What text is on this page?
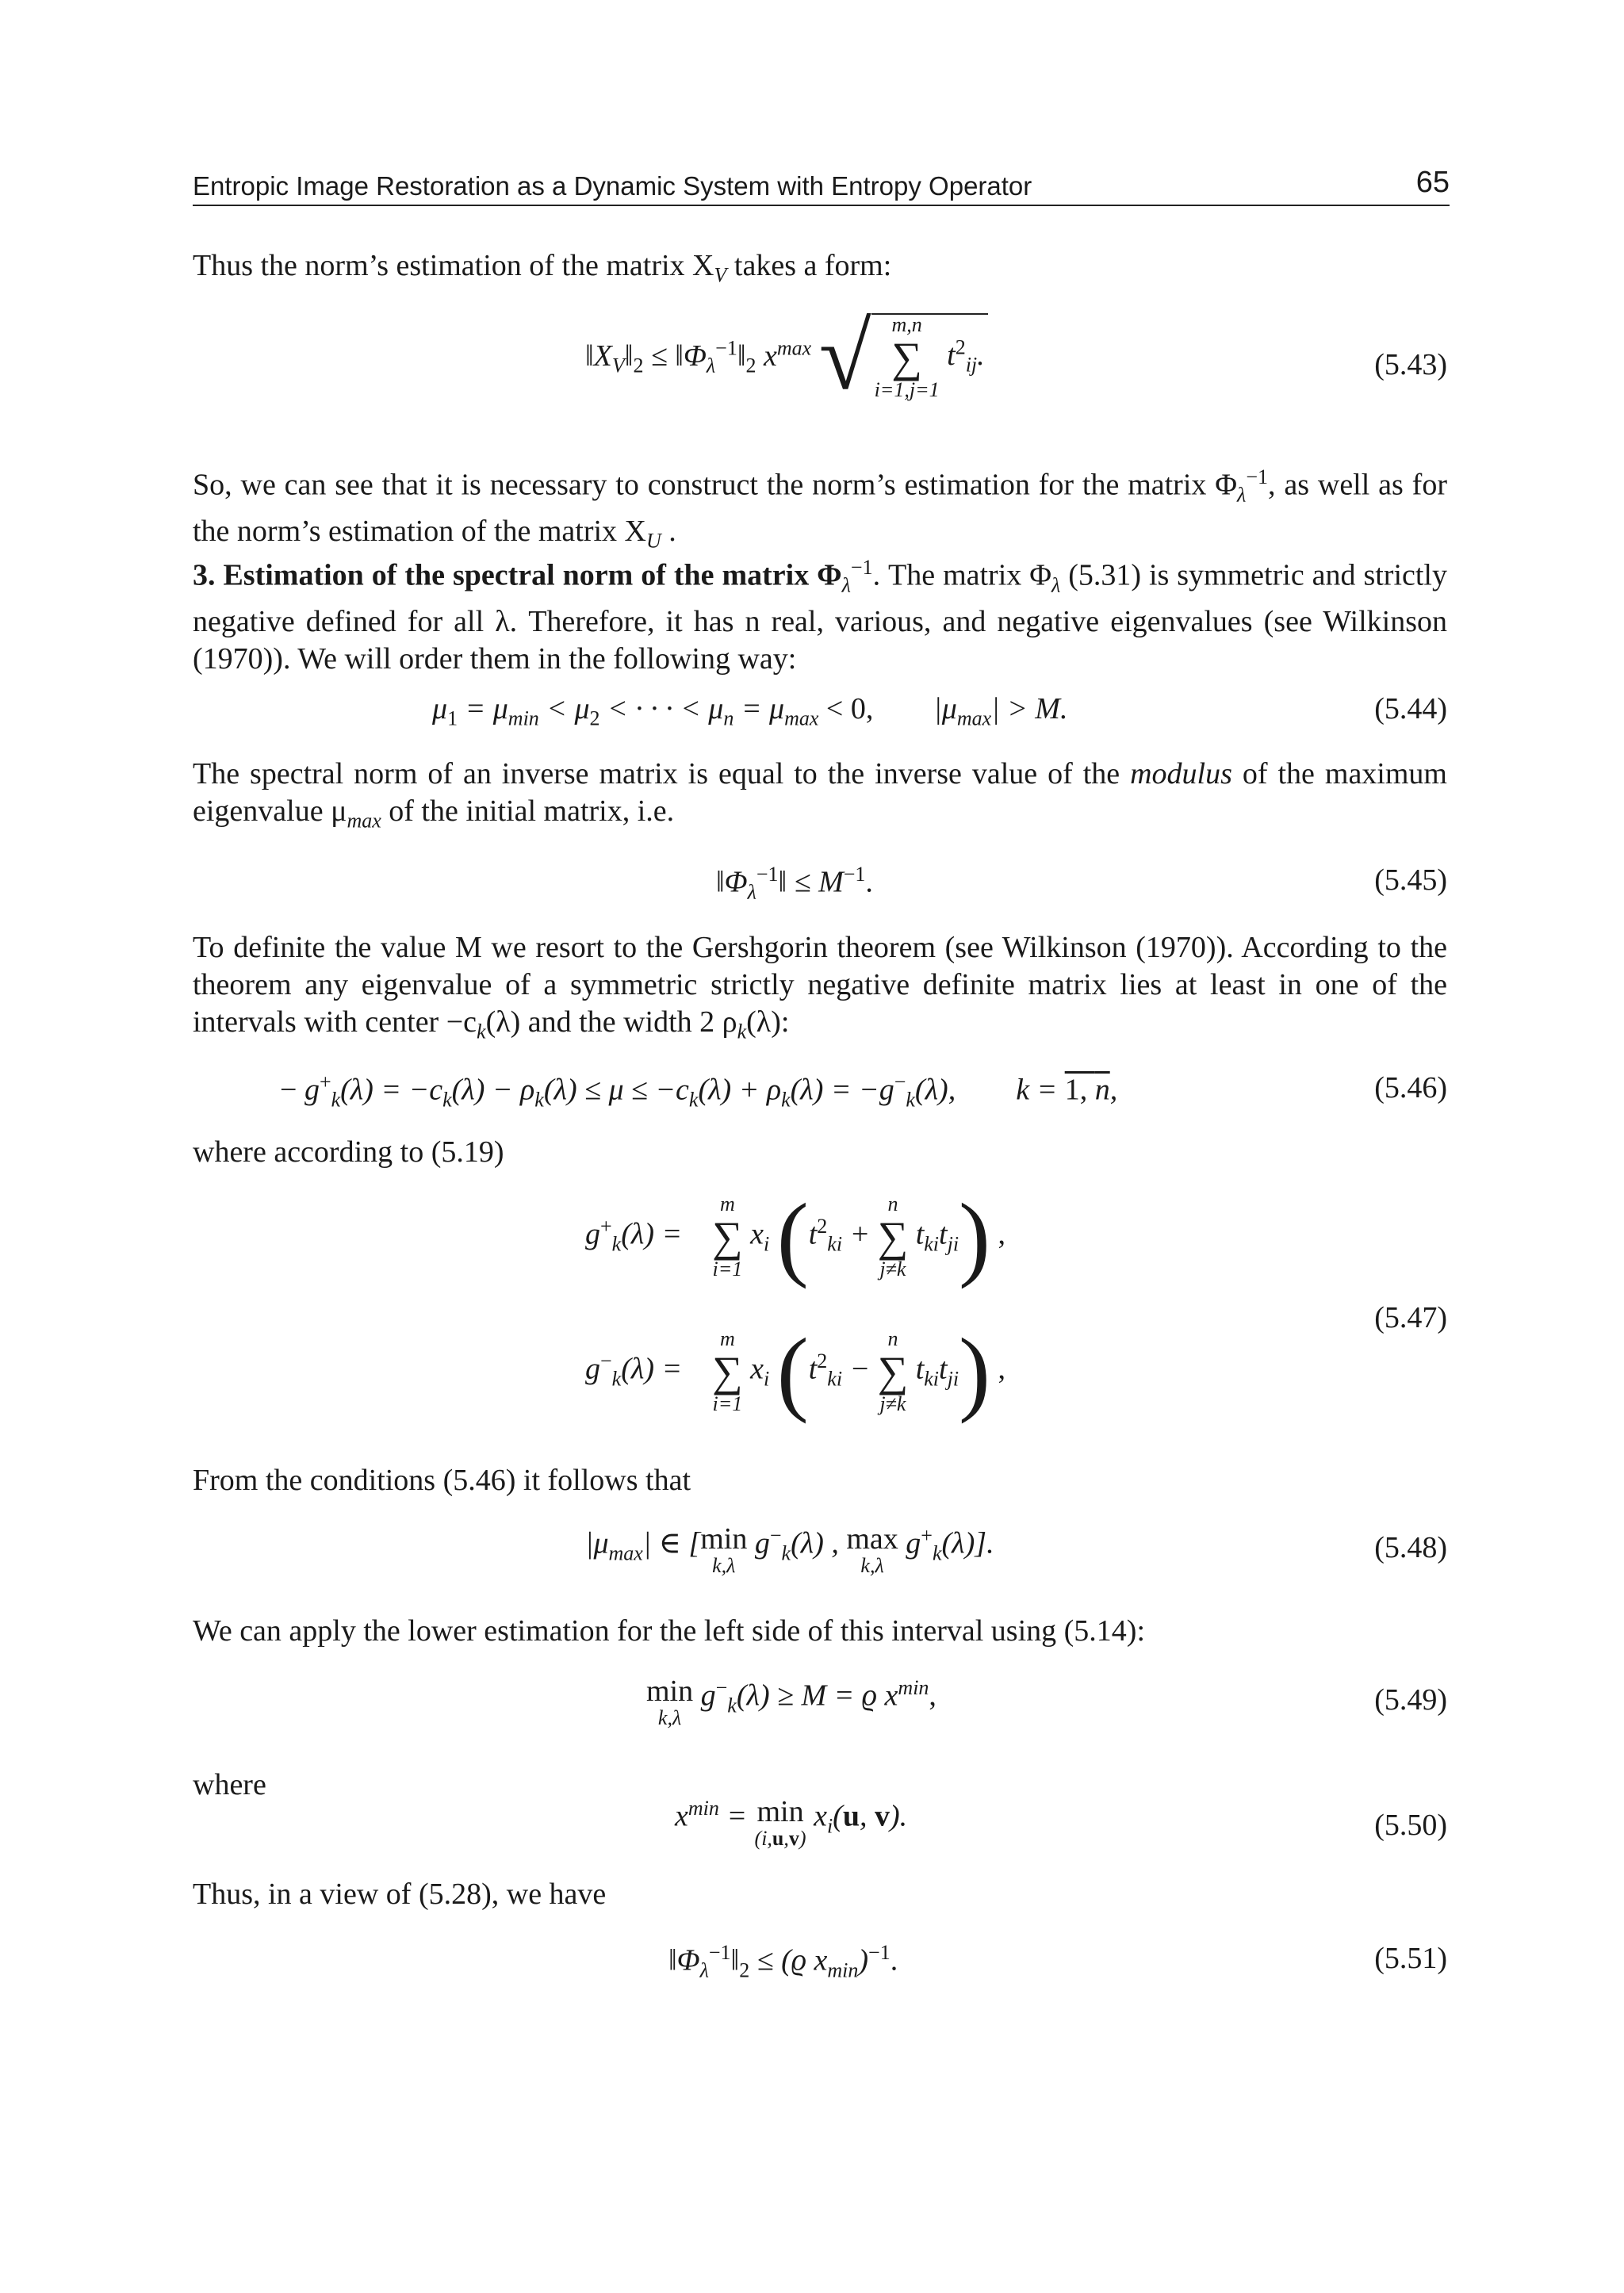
Entropic Image Restoration as a Dynamic System with Entropy Operator	65
Thus the norm’s estimation of the matrix $X_V$ takes a form:
$‖X_V‖_2$ ≤ $‖\Phi_\lambda^{-1}‖_2$ $x^{max}$ √ m,n
∑
i=1,j=1
$t^2_{ij}$.	(5.43)
So, we can see that it is necessary to construct the norm’s estimation for the matrix $\Phi_\lambda^{-1}$, as well as for the norm’s estimation of the matrix $X_U$ .
3. Estimation of the spectral norm of the matrix $\Phi_\lambda^{-1}$. The matrix $\Phi_\lambda$ (5.31) is symmetric and strictly negative defined for all λ. Therefore, it has n real, various, and negative eigenvalues (see Wilkinson (1970)). We will order them in the following way:
$\mu_1 = \mu_{min} < \mu_2$ < · · · < $\mu_n = \mu_{max} < 0$,        $|\mu_{max}| > M$.	(5.44)
The spectral norm of an inverse matrix is equal to the inverse value of the modulus of the maximum eigenvalue $\mu_{max}$ of the initial matrix, i.e.
$‖\Phi_\lambda^{-1}‖ \le M^{-1}$.	(5.45)
To definite the value M we resort to the Gershgorin theorem (see Wilkinson (1970)). According to the theorem any eigenvalue of a symmetric strictly negative definite matrix lies at least in one of the intervals with center $-c_k(\lambda)$ and the width 2 $\rho_k(\lambda)$:
− $g^+_k(\lambda) = -c_k(\lambda) - \rho_k(\lambda) \le \mu \le -c_k(\lambda) + \rho_k(\lambda) = -g^-_k(\lambda)$,        k = 1, n,	(5.46)
where according to (5.19)
$g^+_k(\lambda)$ =
m
∑
i=1
$x_i$ ($t^2_{ki}$ +
n
∑
j≠k
$t_{ki}t_{ji}$) ,
$g^-_k(\lambda)$ =
m
∑
i=1
$x_i$ ($t^2_{ki}$ −
n
∑
j≠k
$t_{ki}t_{ji}$) ,
(5.47)
From the conditions (5.46) it follows that
$|\mu_{max}|$ ∈ [ min
k,λ
$g^-_k(\lambda)$ , max
k,λ
$g^+_k(\lambda)$].	(5.48)
We can apply the lower estimation for the left side of this interval using (5.14):
min
k,λ
$g^-_k(\lambda) \ge M = ϱ$ $x^{min}$,	(5.49)
where
$x^{min} = \min$
(i,u,v)
$x_i(u$, v).	(5.50)
Thus, in a view of (5.28), we have
$‖\Phi_\lambda^{-1}‖_2 \le (ϱ$ $x_{min})^{-1}$.	(5.51)
